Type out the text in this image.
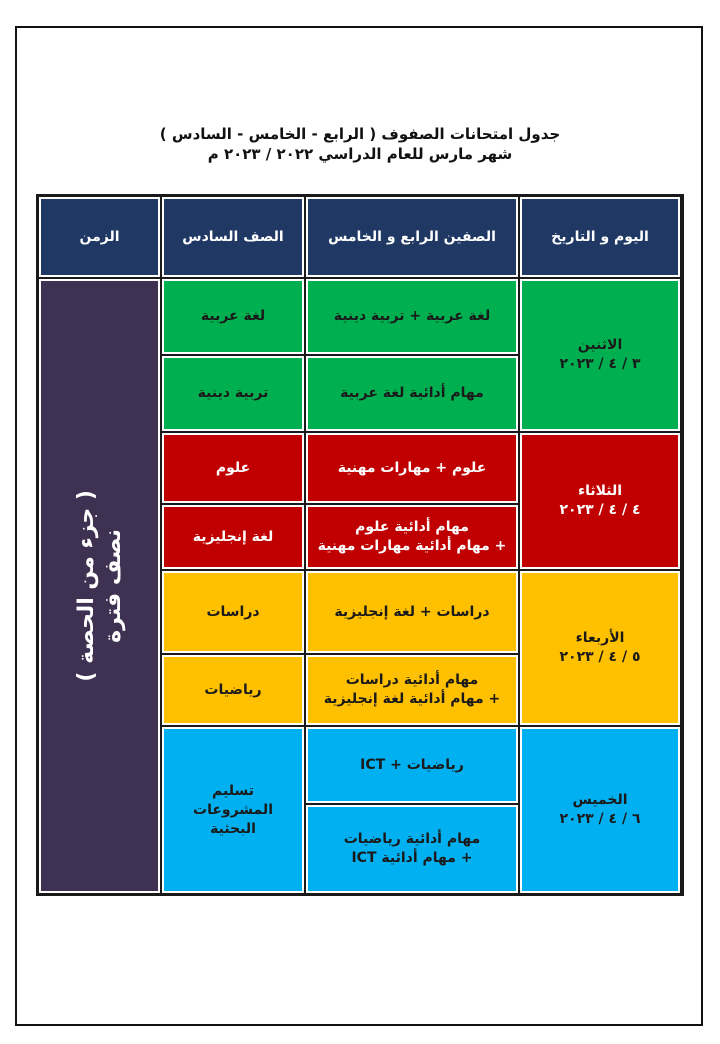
جدول امتحانات الصفوف ( الرابع - الخامس - السادس )
شهر مارس للعام الدراسي ٢٠٢٢ / ٢٠٢٣ م
اليوم و التاريخ
الصفين الرابع و الخامس
الصف السادس
الزمن
نصف فترة
( جزء من الحصة )
الاثنين
٣ / ٤ / ٢٠٢٣
لغة عربية + تربية دينية
مهام أدائية لغة عربية
لغة عربية
تربية دينية
الثلاثاء
٤ / ٤ / ٢٠٢٣
علوم + مهارات مهنية
مهام أدائية علوم
+ مهام أدائية مهارات مهنية
علوم
لغة إنجليزية
الأربعاء
٥ / ٤ / ٢٠٢٣
دراسات + لغة إنجليزية
مهام أدائية دراسات
+ مهام أدائية لغة إنجليزية
دراسات
رياضيات
الخميس
٦ / ٤ / ٢٠٢٣
رياضيات + ICT
مهام أدائية رياضيات
+ مهام أدائية ICT
تسليم
المشروعات البحثية
